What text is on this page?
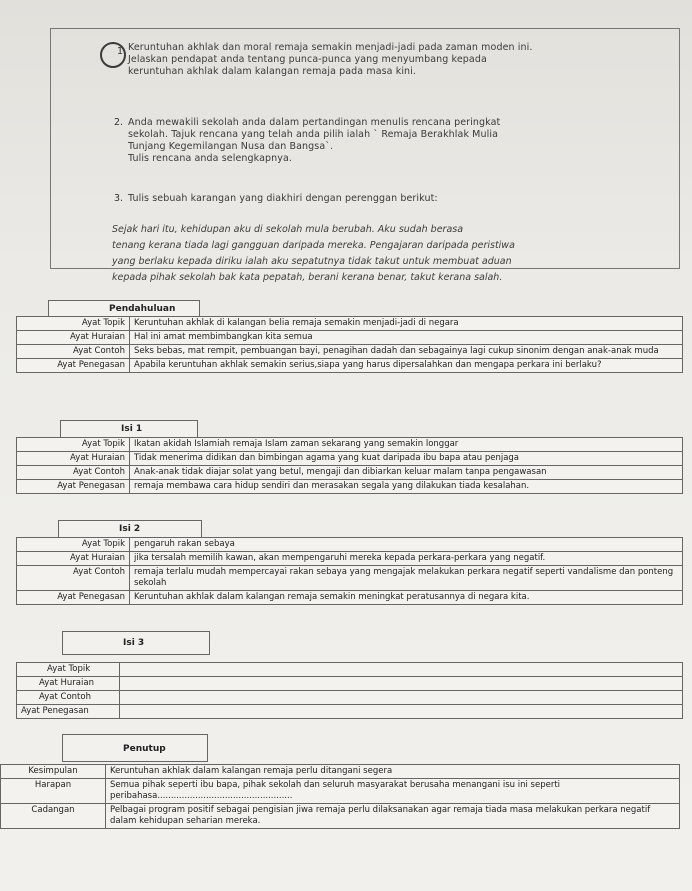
1. Keruntuhan akhlak dan moral remaja semakin menjadi-jadi pada zaman moden ini.
Jelaskan pendapat anda tentang punca-punca yang menyumbang kepada
keruntuhan akhlak dalam kalangan remaja pada masa kini.
2. Anda mewakili sekolah anda dalam pertandingan menulis rencana peringkat
sekolah. Tajuk rencana yang telah anda pilih ialah ` Remaja Berakhlak Mulia
Tunjang Kegemilangan Nusa dan Bangsa`.
Tulis rencana anda selengkapnya.
3. Tulis sebuah karangan yang diakhiri dengan perenggan berikut:
Sejak hari itu, kehidupan aku di sekolah mula berubah. Aku sudah berasa
tenang kerana tiada lagi gangguan daripada mereka. Pengajaran daripada peristiwa
yang berlaku kepada diriku ialah aku sepatutnya tidak takut untuk membuat aduan
kepada pihak sekolah bak kata pepatah, berani kerana benar, takut kerana salah.
Pendahuluan
Ayat Topik	Keruntuhan akhlak di kalangan belia remaja semakin menjadi-jadi di negara
Ayat Huraian	Hal ini amat membimbangkan kita semua
Ayat Contoh	Seks bebas, mat rempit, pembuangan bayi, penagihan dadah dan sebagainya lagi cukup sinonim dengan anak-anak muda
Ayat Penegasan	Apabila keruntuhan akhlak semakin serius,siapa yang harus dipersalahkan dan mengapa perkara ini berlaku?
Isi 1
Ayat Topik	Ikatan akidah Islamiah remaja Islam zaman sekarang yang semakin longgar
Ayat Huraian	Tidak menerima didikan dan bimbingan agama yang kuat daripada ibu bapa atau penjaga
Ayat Contoh	Anak-anak tidak diajar solat yang betul, mengaji dan dibiarkan keluar malam tanpa pengawasan
Ayat Penegasan	remaja membawa cara hidup sendiri dan merasakan segala yang dilakukan tiada kesalahan.
Isi 2
Ayat Topik	pengaruh rakan sebaya
Ayat Huraian	jika tersalah memilih kawan, akan mempengaruhi mereka kepada perkara-perkara yang negatif.
Ayat Contoh	remaja terlalu mudah mempercayai rakan sebaya yang mengajak melakukan perkara negatif seperti vandalisme dan ponteng sekolah
Ayat Penegasan	Keruntuhan akhlak dalam kalangan remaja semakin meningkat peratusannya di negara kita.
Isi 3
Ayat Topik	
Ayat Huraian	
Ayat Contoh	
Ayat Penegasan	
Penutup
Kesimpulan	Keruntuhan akhlak dalam kalangan remaja perlu ditangani segera
Harapan	Semua pihak seperti ibu bapa, pihak sekolah dan seluruh masyarakat berusaha menangani isu ini seperti peribahasa..................................................
Cadangan	Pelbagai program positif sebagai pengisian jiwa remaja perlu dilaksanakan agar remaja tiada masa melakukan perkara negatif dalam kehidupan seharian mereka.
